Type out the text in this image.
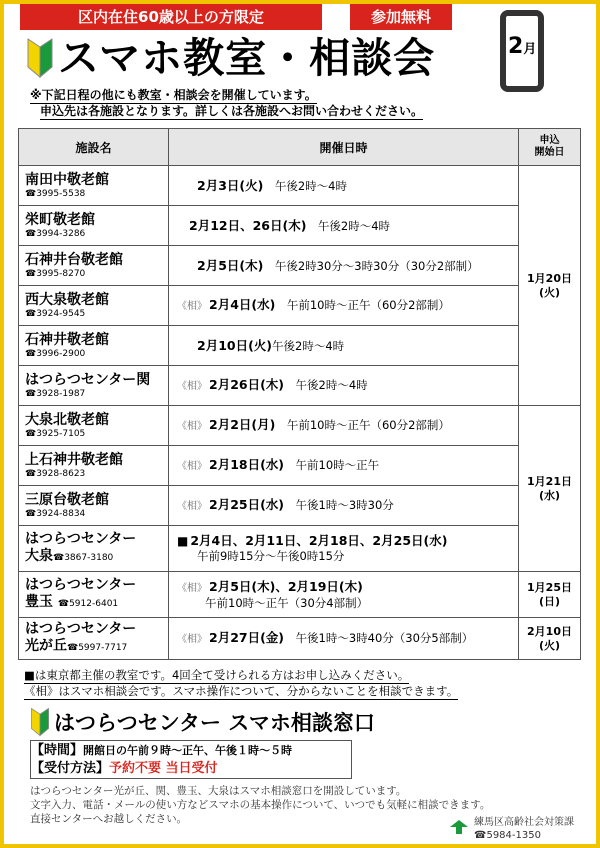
区内在住60歳以上の方限定	参加無料
2月
スマホ教室・相談会
※下記日程の他にも教室・相談会を開催しています。
申込先は各施設となります。詳しくは各施設へお問い合わせください。
施設名	開催日時	申込
開始日

南田中敬老館
☎3995-5538	2月3日(火)　 午後2時～4時	1月20日
(火)

栄町敬老館
☎3994-3286	2月12日、26日(木)　 午後2時～4時	

石神井台敬老館
☎3995-8270	2月5日(木)　 午後2時30分～3時30分（30分2部制）	

西大泉敬老館
☎3924-9545	《相》 2月4日(水)　 午前10時～正午（60分2部制）	

石神井敬老館
☎3996-2900	2月10日(火)午後2時～4時	

はつらつセンター関
☎3928-1987	《相》 2月26日(木)　 午後2時～4時	

大泉北敬老館
☎3925-7105	《相》 2月2日(月)　 午前10時～正午（60分2部制）	1月21日
(水)

上石神井敬老館
☎3928-8623	《相》 2月18日(水)　 午前10時～正午	

三原台敬老館
☎3924-8834	《相》 2月25日(水)　 午後1時～3時30分	

はつらつセンター
大泉☎3867-3180	■ 2月4日、2月11日、2月18日、2月25日(水)
午前9時15分～午後0時15分	

はつらつセンター
豊玉 ☎5912-6401	《相》 2月5日(木)、2月19日(木)
午前10時～正午（30分4部制）	1月25日
(日)

はつらつセンター
光が丘☎5997-7717	《相》 2月27日(金)　 午後1時～3時40分（30分5部制）	2月10日
(火)
■は東京都主催の教室です。4回全て受けられる方はお申し込みください。
《相》はスマホ相談会です。スマホ操作について、分からないことを相談できます。
はつらつセンター スマホ相談窓口
【時間】開館日の午前９時～正午、午後１時～５時
【受付方法】予約不要 当日受付
はつらつセンター光が丘、関、豊玉、大泉はスマホ相談窓口を開設しています。
文字入力、電話・メールの使い方などスマホの基本操作について、いつでも気軽に相談できます。
直接センターへお越しください。	練馬区高齢社会対策課
☎5984-1350
